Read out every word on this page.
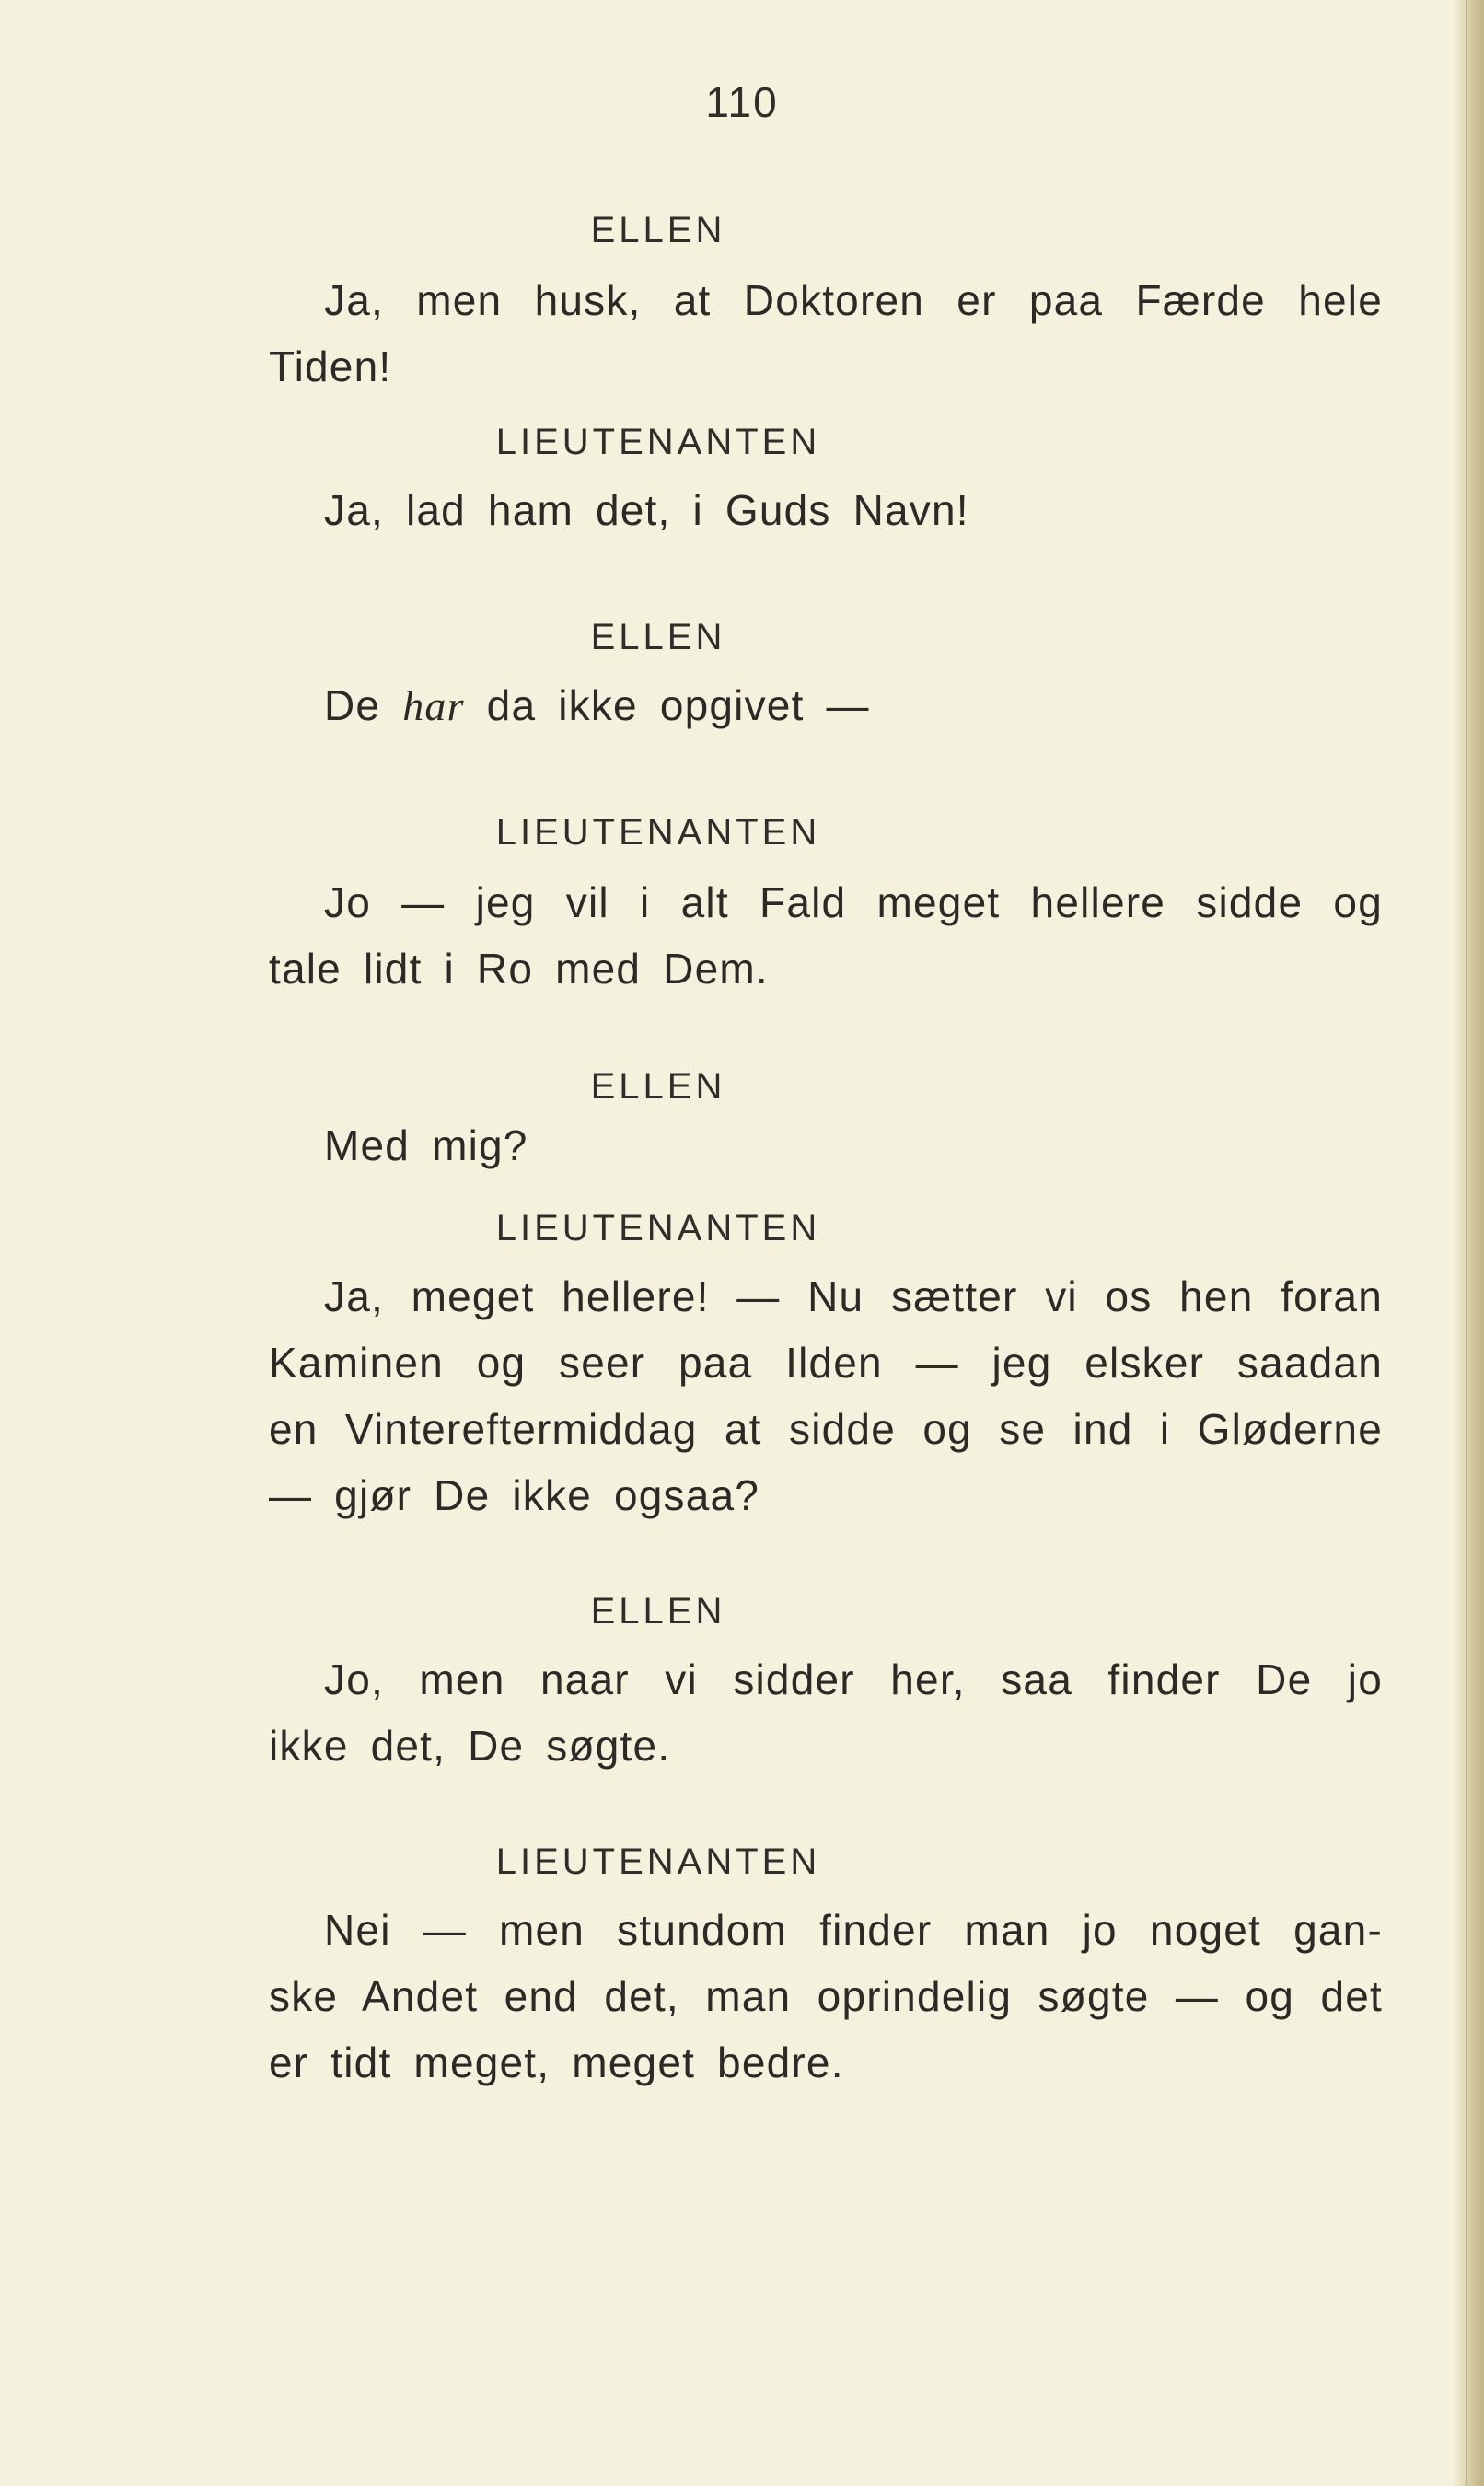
110
ELLEN
Ja, men husk, at Doktoren er paa Færde hele
Tiden!
LIEUTENANTEN
Ja, lad ham det, i Guds Navn!
ELLEN
De har da ikke opgivet —
LIEUTENANTEN
Jo — jeg vil i alt Fald meget hellere sidde og
tale lidt i Ro med Dem.
ELLEN
Med mig?
LIEUTENANTEN
Ja, meget hellere! — Nu sætter vi os hen foran
Kaminen og seer paa Ilden — jeg elsker saadan
en Vintereftermiddag at sidde og se ind i Gløderne
— gjør De ikke ogsaa?
ELLEN
Jo, men naar vi sidder her, saa finder De jo
ikke det, De søgte.
LIEUTENANTEN
Nei — men stundom finder man jo noget gan-
ske Andet end det, man oprindelig søgte — og det
er tidt meget, meget bedre.
